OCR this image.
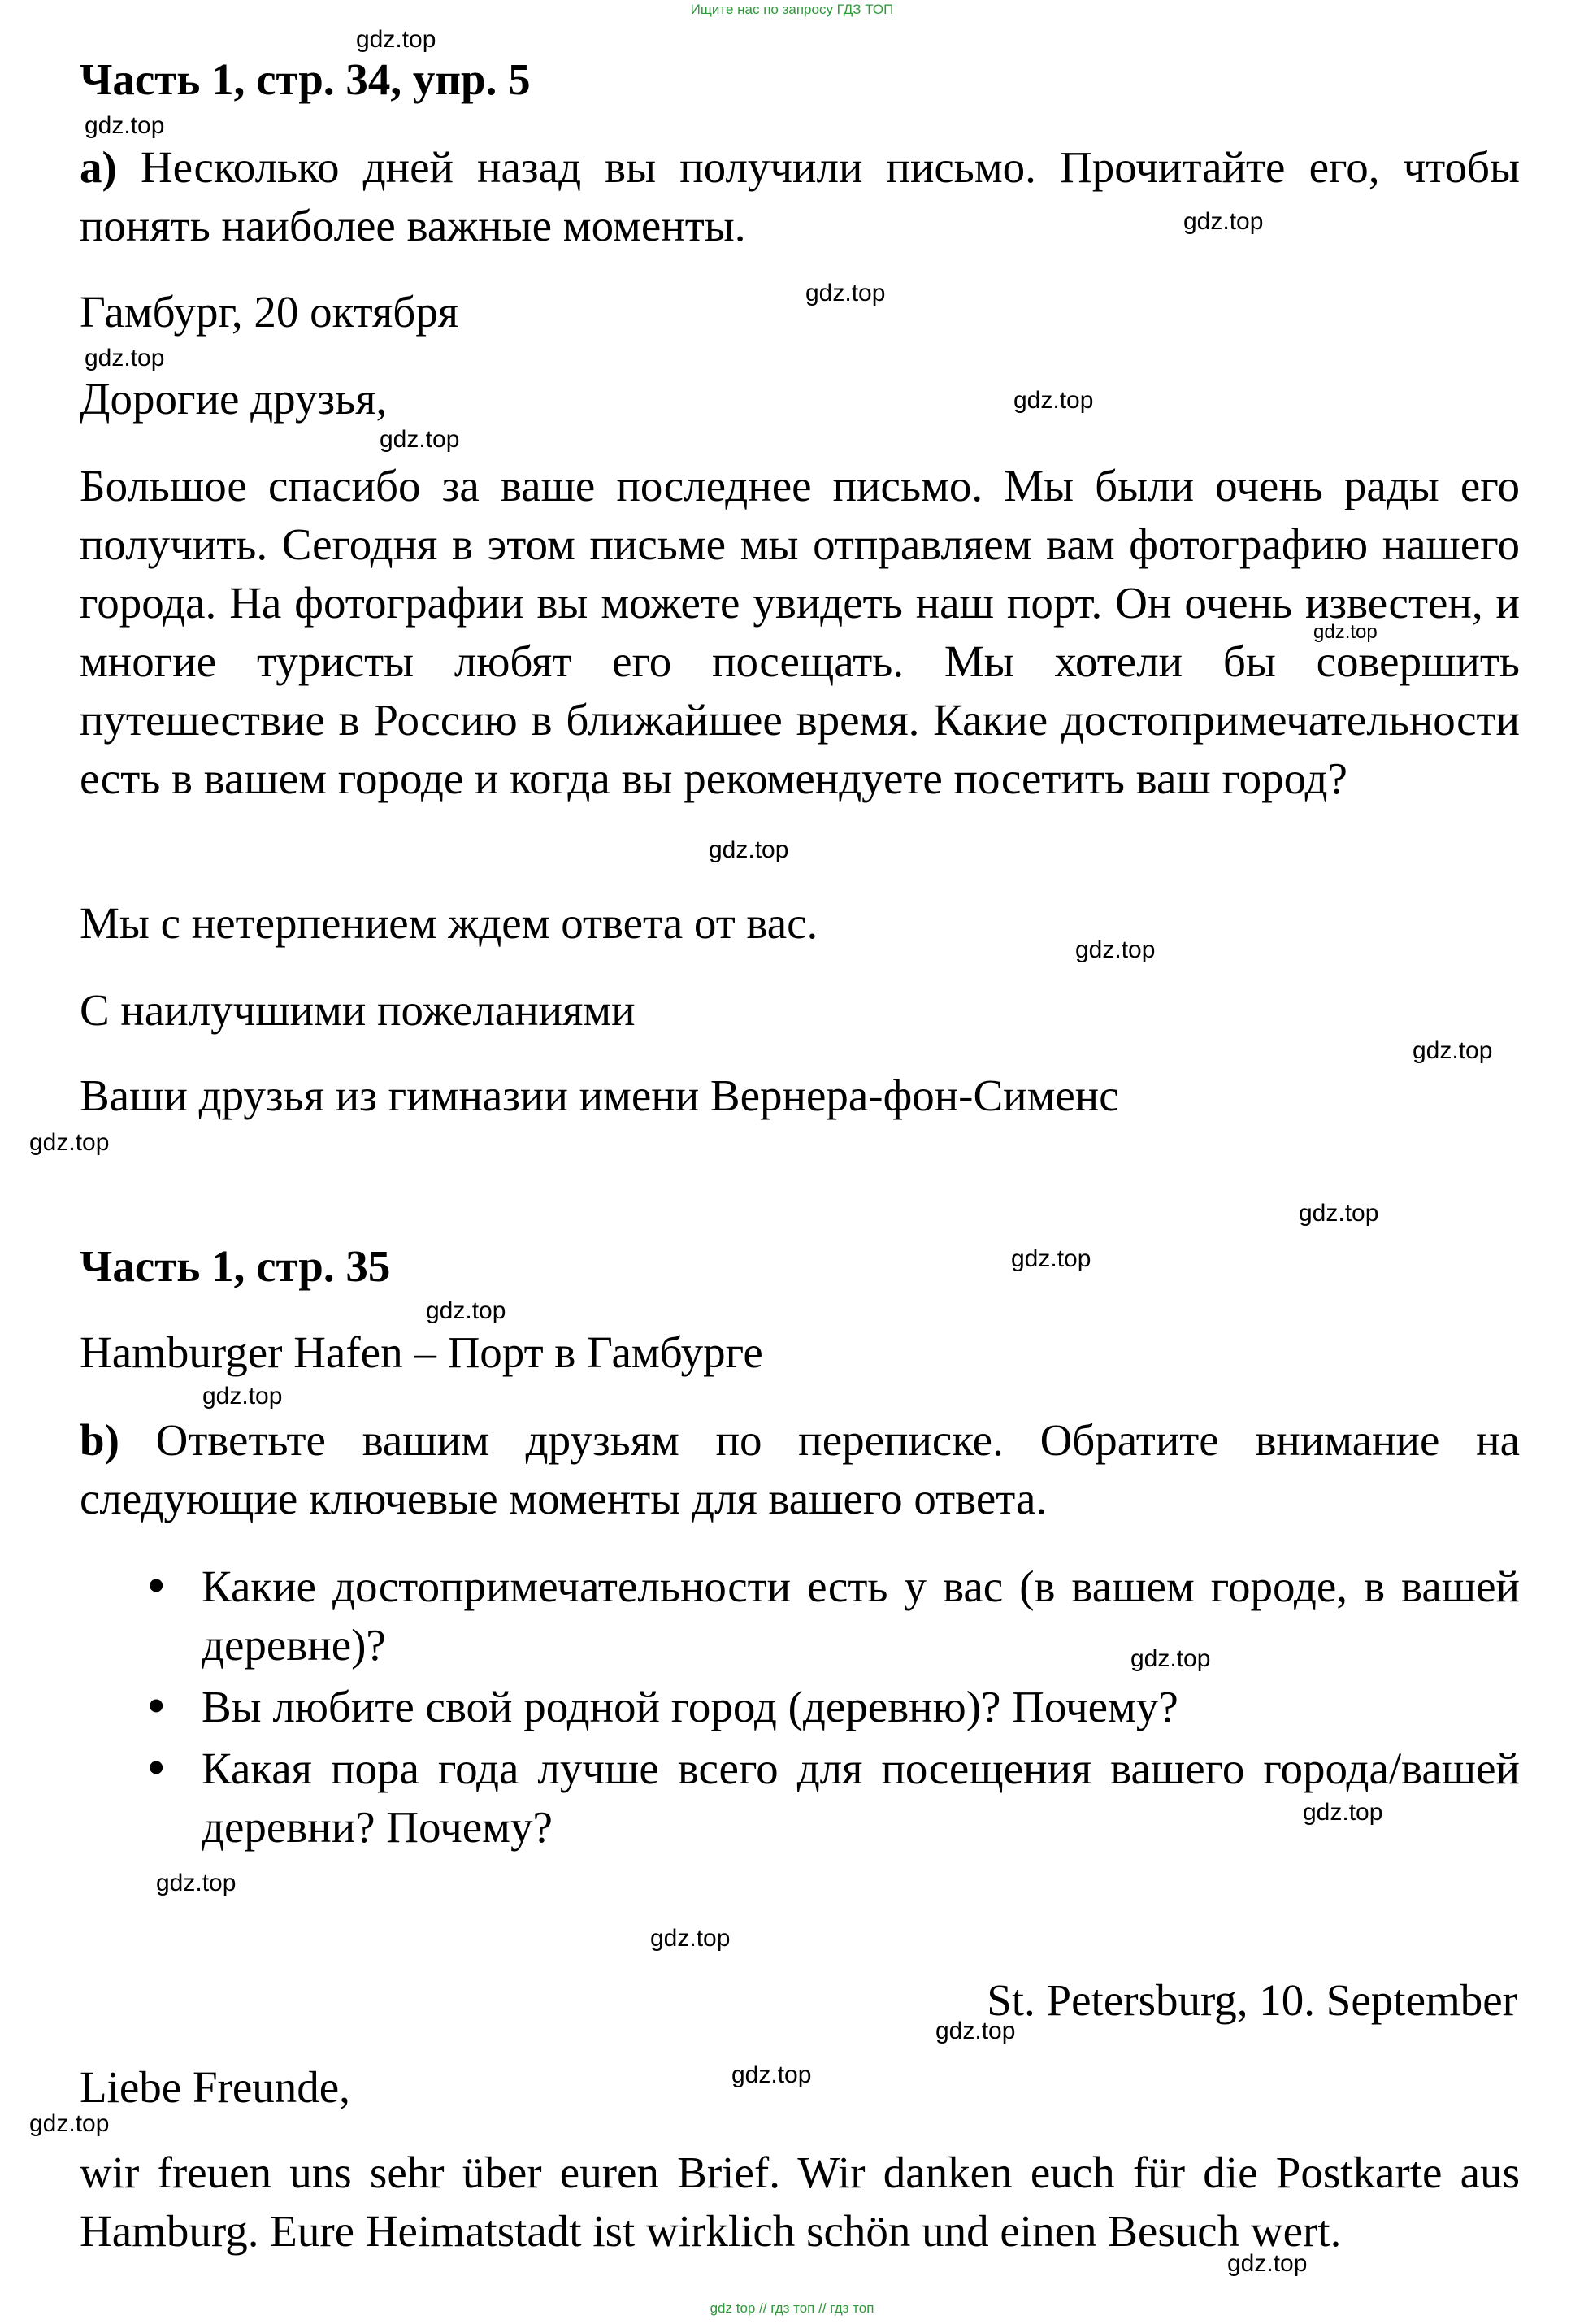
Ищите нас по запросу ГДЗ ТОП
Часть 1, стр. 34, упр. 5
a) Несколько дней назад вы получили письмо. Прочитайте его, чтобы понять наиболее важные моменты.
Гамбург, 20 октября
Дорогие друзья,
Большое спасибо за ваше последнее письмо. Мы были очень рады его получить. Сегодня в этом письме мы отправляем вам фотографию нашего города. На фотографии вы можете увидеть наш порт. Он очень известен, и многие туристы любят его посещать. Мы хотели бы совершить путешествие в Россию в ближайшее время. Какие достопримечательности есть в вашем городе и когда вы рекомендуете посетить ваш город?
Мы с нетерпением ждем ответа от вас.
С наилучшими пожеланиями
Ваши друзья из гимназии имени Вернера-фон-Сименс
Часть 1, стр. 35
Hamburger Hafen – Порт в Гамбурге
b) Ответьте вашим друзьям по переписке. Обратите внимание на следующие ключевые моменты для вашего ответа.
• Какие достопримечательности есть у вас (в вашем городе, в вашей деревне)?
• Вы любите свой родной город (деревню)? Почему?
• Какая пора года лучше всего для посещения вашего города/вашей деревни? Почему?
St. Petersburg, 10. September
Liebe Freunde,
wir freuen uns sehr über euren Brief. Wir danken euch für die Postkarte aus Hamburg. Eure Heimatstadt ist wirklich schön und einen Besuch wert.
gdz.top
gdz.top
gdz.top
gdz.top
gdz.top
gdz.top
gdz.top
gdz.top
gdz.top
gdz.top
gdz.top
gdz.top
gdz.top
gdz.top
gdz.top
gdz.top
gdz.top
gdz.top
gdz.top
gdz.top
gdz.top
gdz.top
gdz.top
gdz.top
gdz top // гдз топ // гдз топ
